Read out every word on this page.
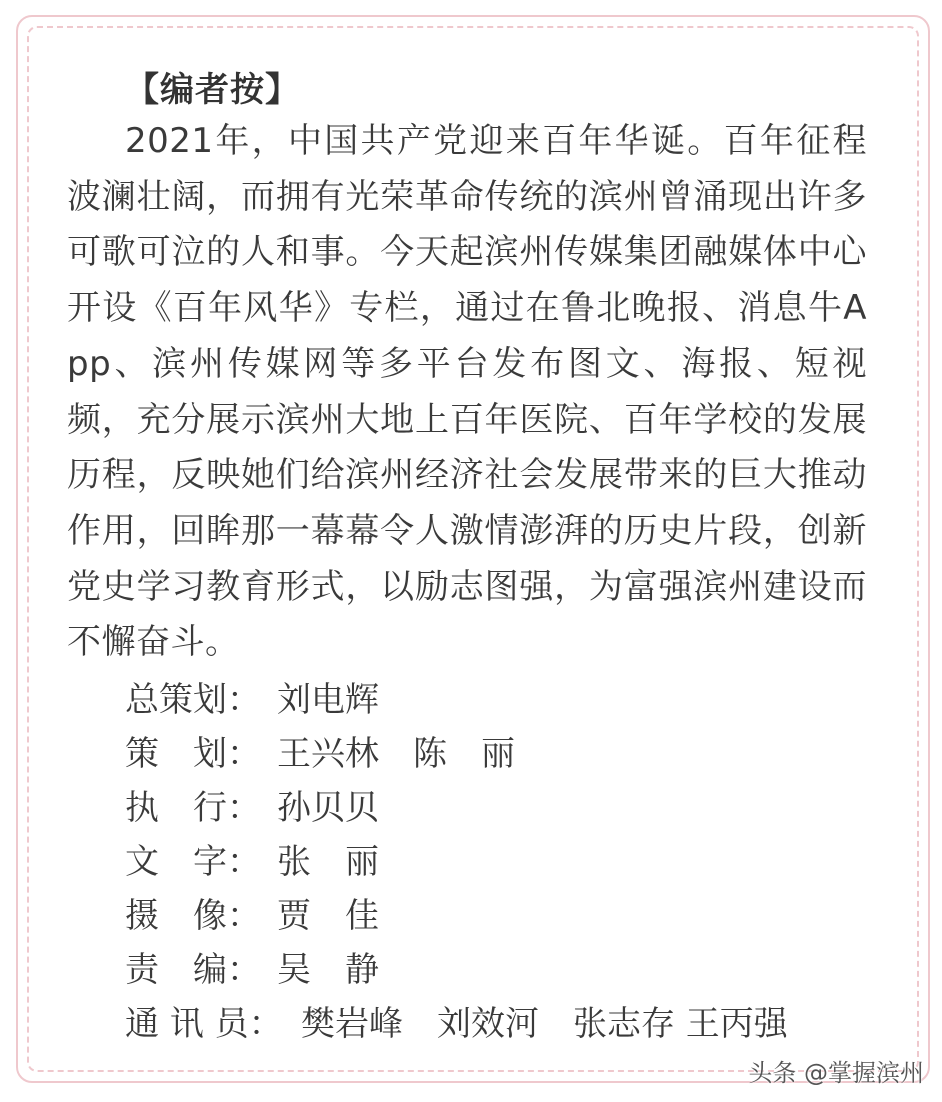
【编者按】

2021年，中国共产党迎来百年华诞。百年征程波澜壮阔，而拥有光荣革命传统的滨州曾涌现出许多可歌可泣的人和事。今天起滨州传媒集团融媒体中心开设《百年风华》专栏，通过在鲁北晚报、消息牛App、滨州传媒网等多平台发布图文、海报、短视频，充分展示滨州大地上百年医院、百年学校的发展历程，反映她们给滨州经济社会发展带来的巨大推动作用，回眸那一幕幕令人激情澎湃的历史片段，创新党史学习教育形式，以励志图强，为富强滨州建设而不懈奋斗。

总策划： 刘电辉
策　划： 王兴林　陈　丽
执　行： 孙贝贝
文　字： 张　丽
摄　像： 贾　佳
责　编： 吴　静
通 讯 员： 樊岩峰　刘效河　张志存 王丙强
头条 @掌握滨州
